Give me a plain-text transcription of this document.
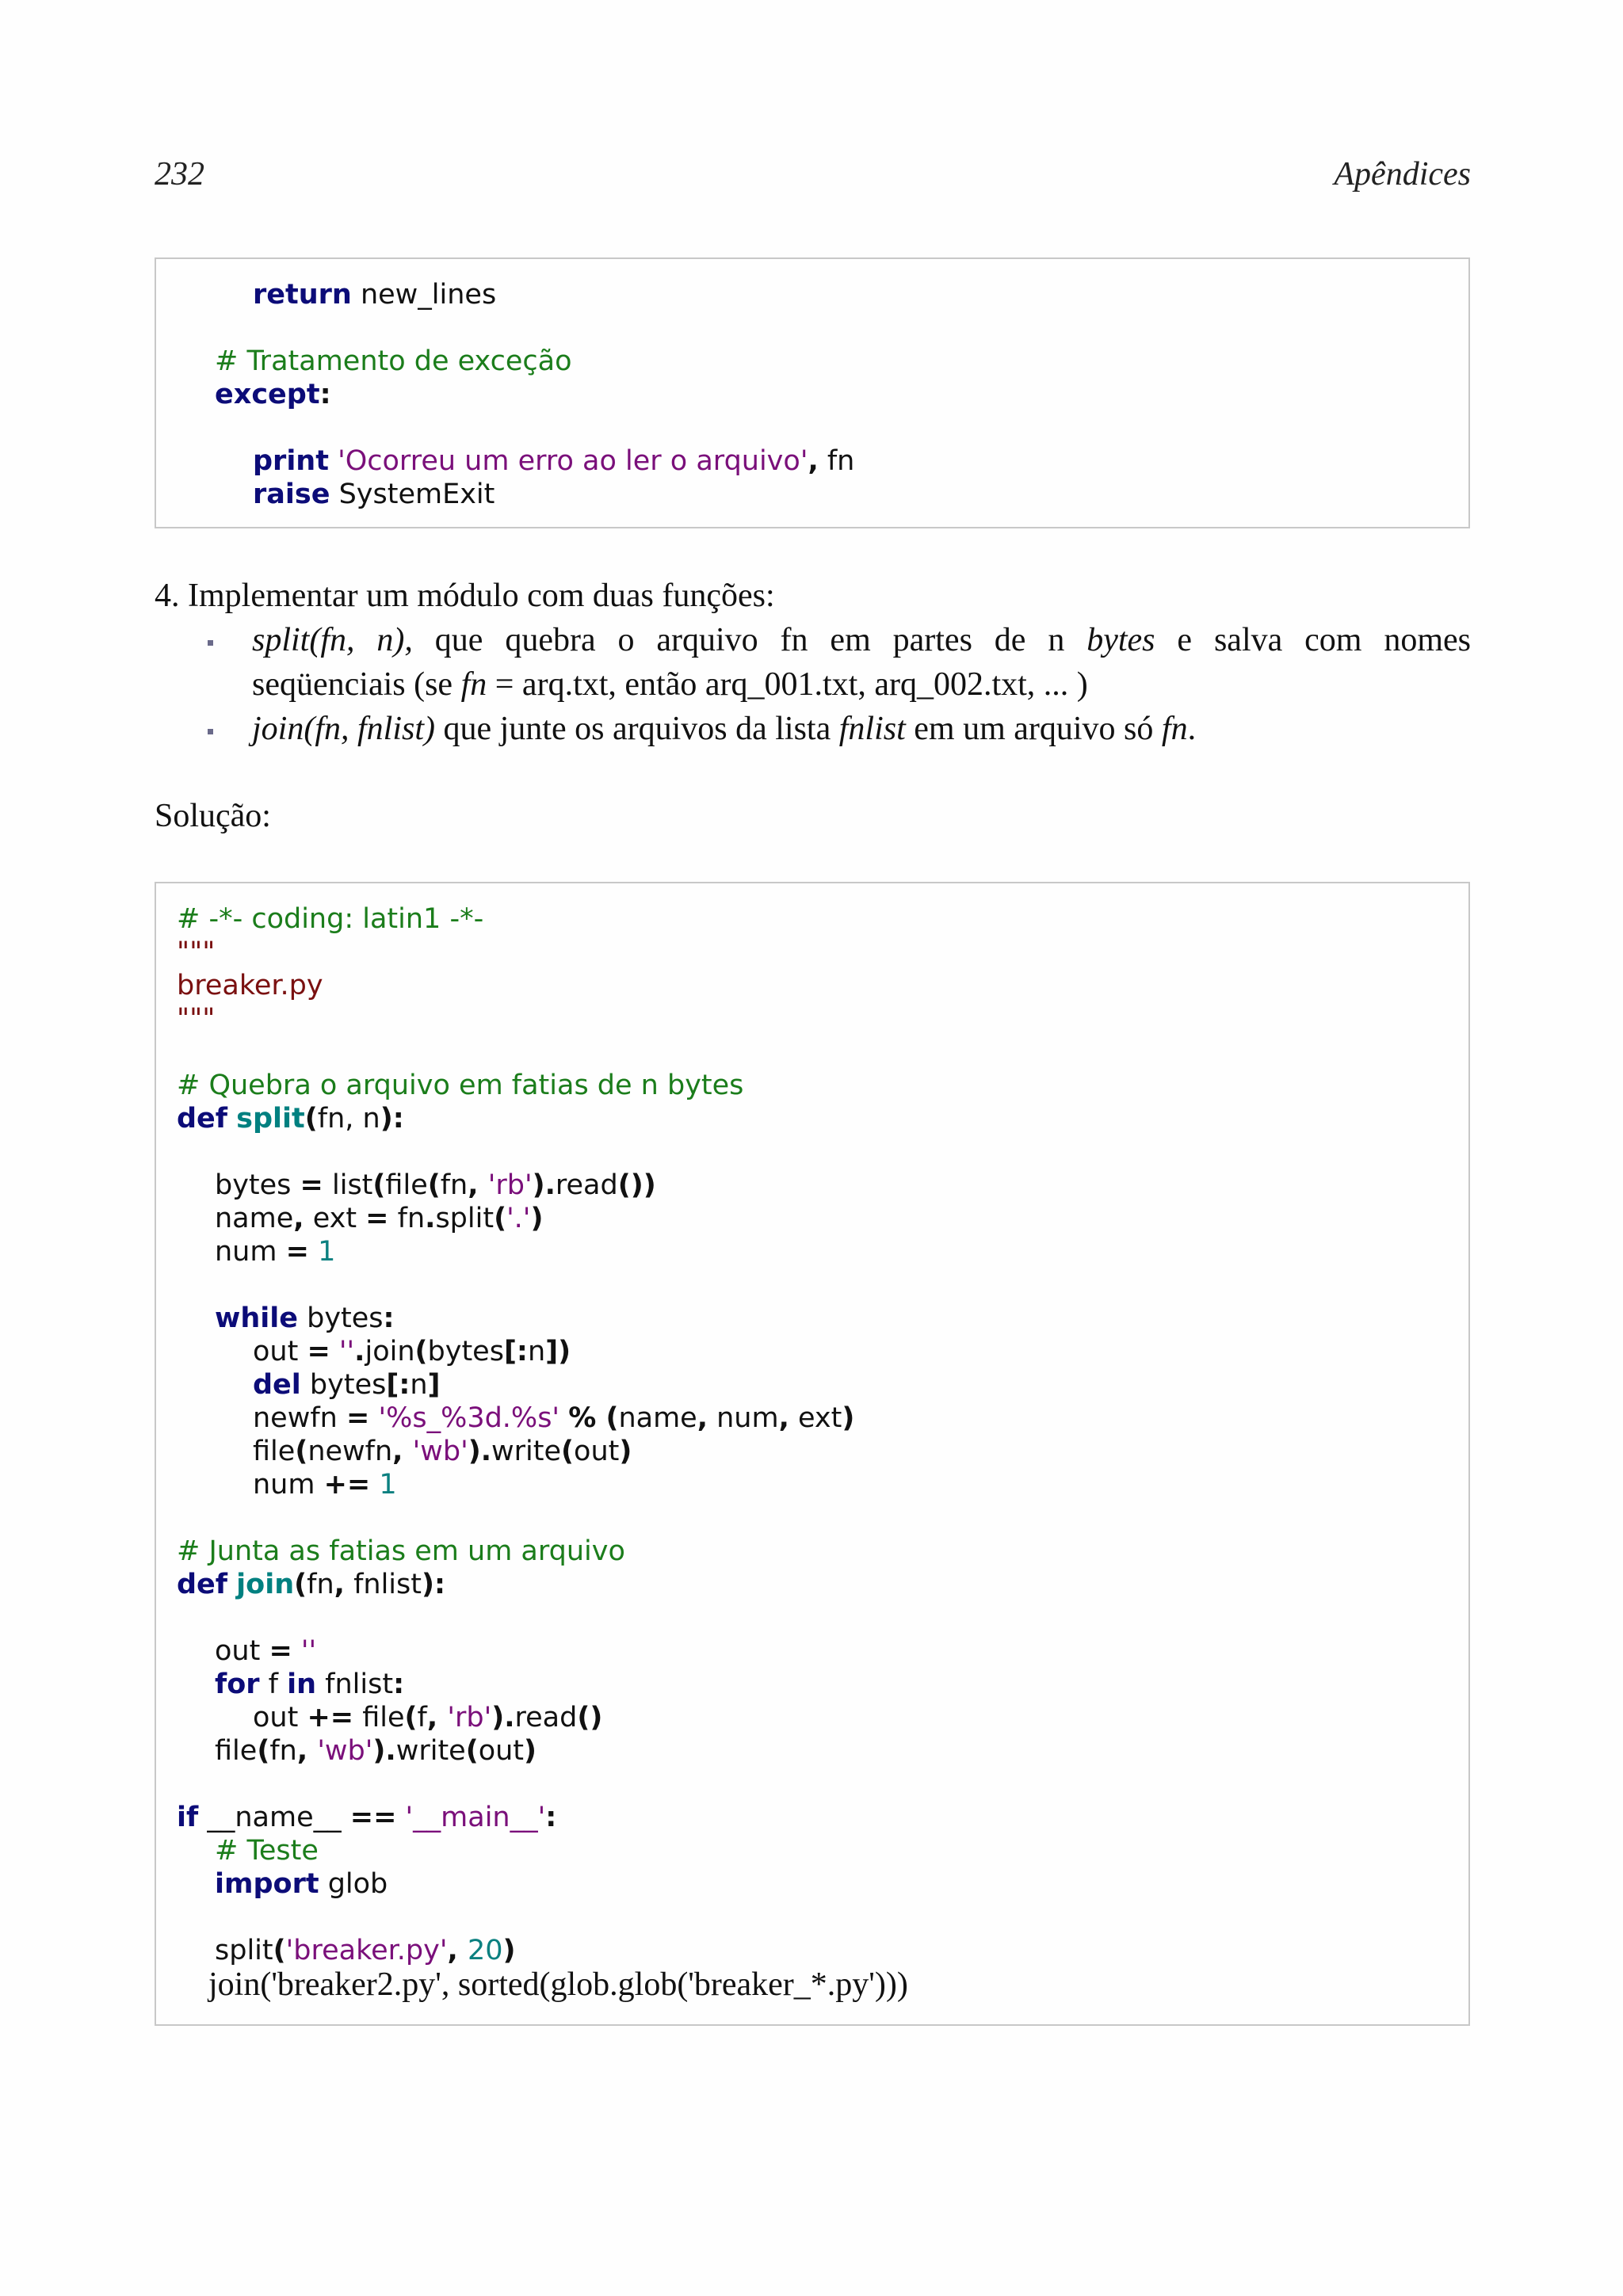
232	Apêndices
return new_lines
# Tratamento de exceção
except:
print 'Ocorreu um erro ao ler o arquivo', fn
raise SystemExit
4. Implementar um módulo com duas funções:
split(fn, n), que quebra o arquivo fn em partes de n bytes e salva com nomes
seqüenciais (se fn = arq.txt, então arq_001.txt, arq_002.txt, ... )
join(fn, fnlist) que junte os arquivos da lista fnlist em um arquivo só fn.
Solução:
# -*- coding: latin1 -*-
"""
breaker.py
"""
# Quebra o arquivo em fatias de n bytes
def split(fn, n):
bytes = list(file(fn, 'rb').read())
name, ext = fn.split('.')
num = 1
while bytes:
out = ''.join(bytes[:n])
del bytes[:n]
newfn = '%s_%3d.%s' % (name, num, ext)
file(newfn, 'wb').write(out)
num += 1
# Junta as fatias em um arquivo
def join(fn, fnlist):
out = ''
for f in fnlist:
out += file(f, 'rb').read()
file(fn, 'wb').write(out)
if __name__ == '__main__':
# Teste
import glob
split('breaker.py', 20)
join('breaker2.py', sorted(glob.glob('breaker_*.py')))
